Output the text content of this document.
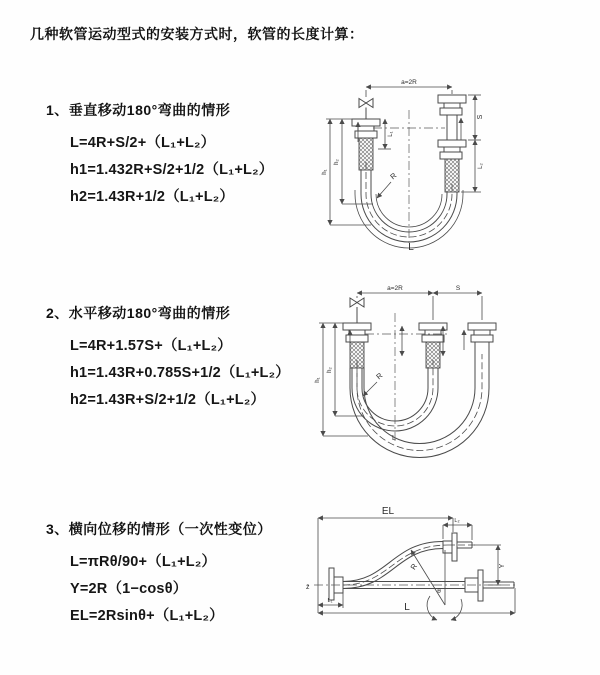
几种软管运动型式的安装方式时，软管的长度计算：
1、垂直移动180°弯曲的情形
L=4R+S/2+（L₁+L₂）
h1=1.432R+S/2+1/2（L₁+L₂）
h2=1.43R+1/2（L₁+L₂）
a=2R
L₁
S
L₂
h₁
h₂
R
L
2、水平移动180°弯曲的情形
L=4R+1.57S+（L₁+L₂）
h1=1.43R+0.785S+1/2（L₁+L₂）
h2=1.43R+S/2+1/2（L₁+L₂）
a=2R	S
h₁
h₂
R
L
3、横向位移的情形（一次性变位）
L=πRθ/90+（L₁+L₂）
Y=2R（1−cosθ）
EL=2Rsinθ+（L₁+L₂）
EL
L₂
Y
z̄
R
θ
L₁
L
